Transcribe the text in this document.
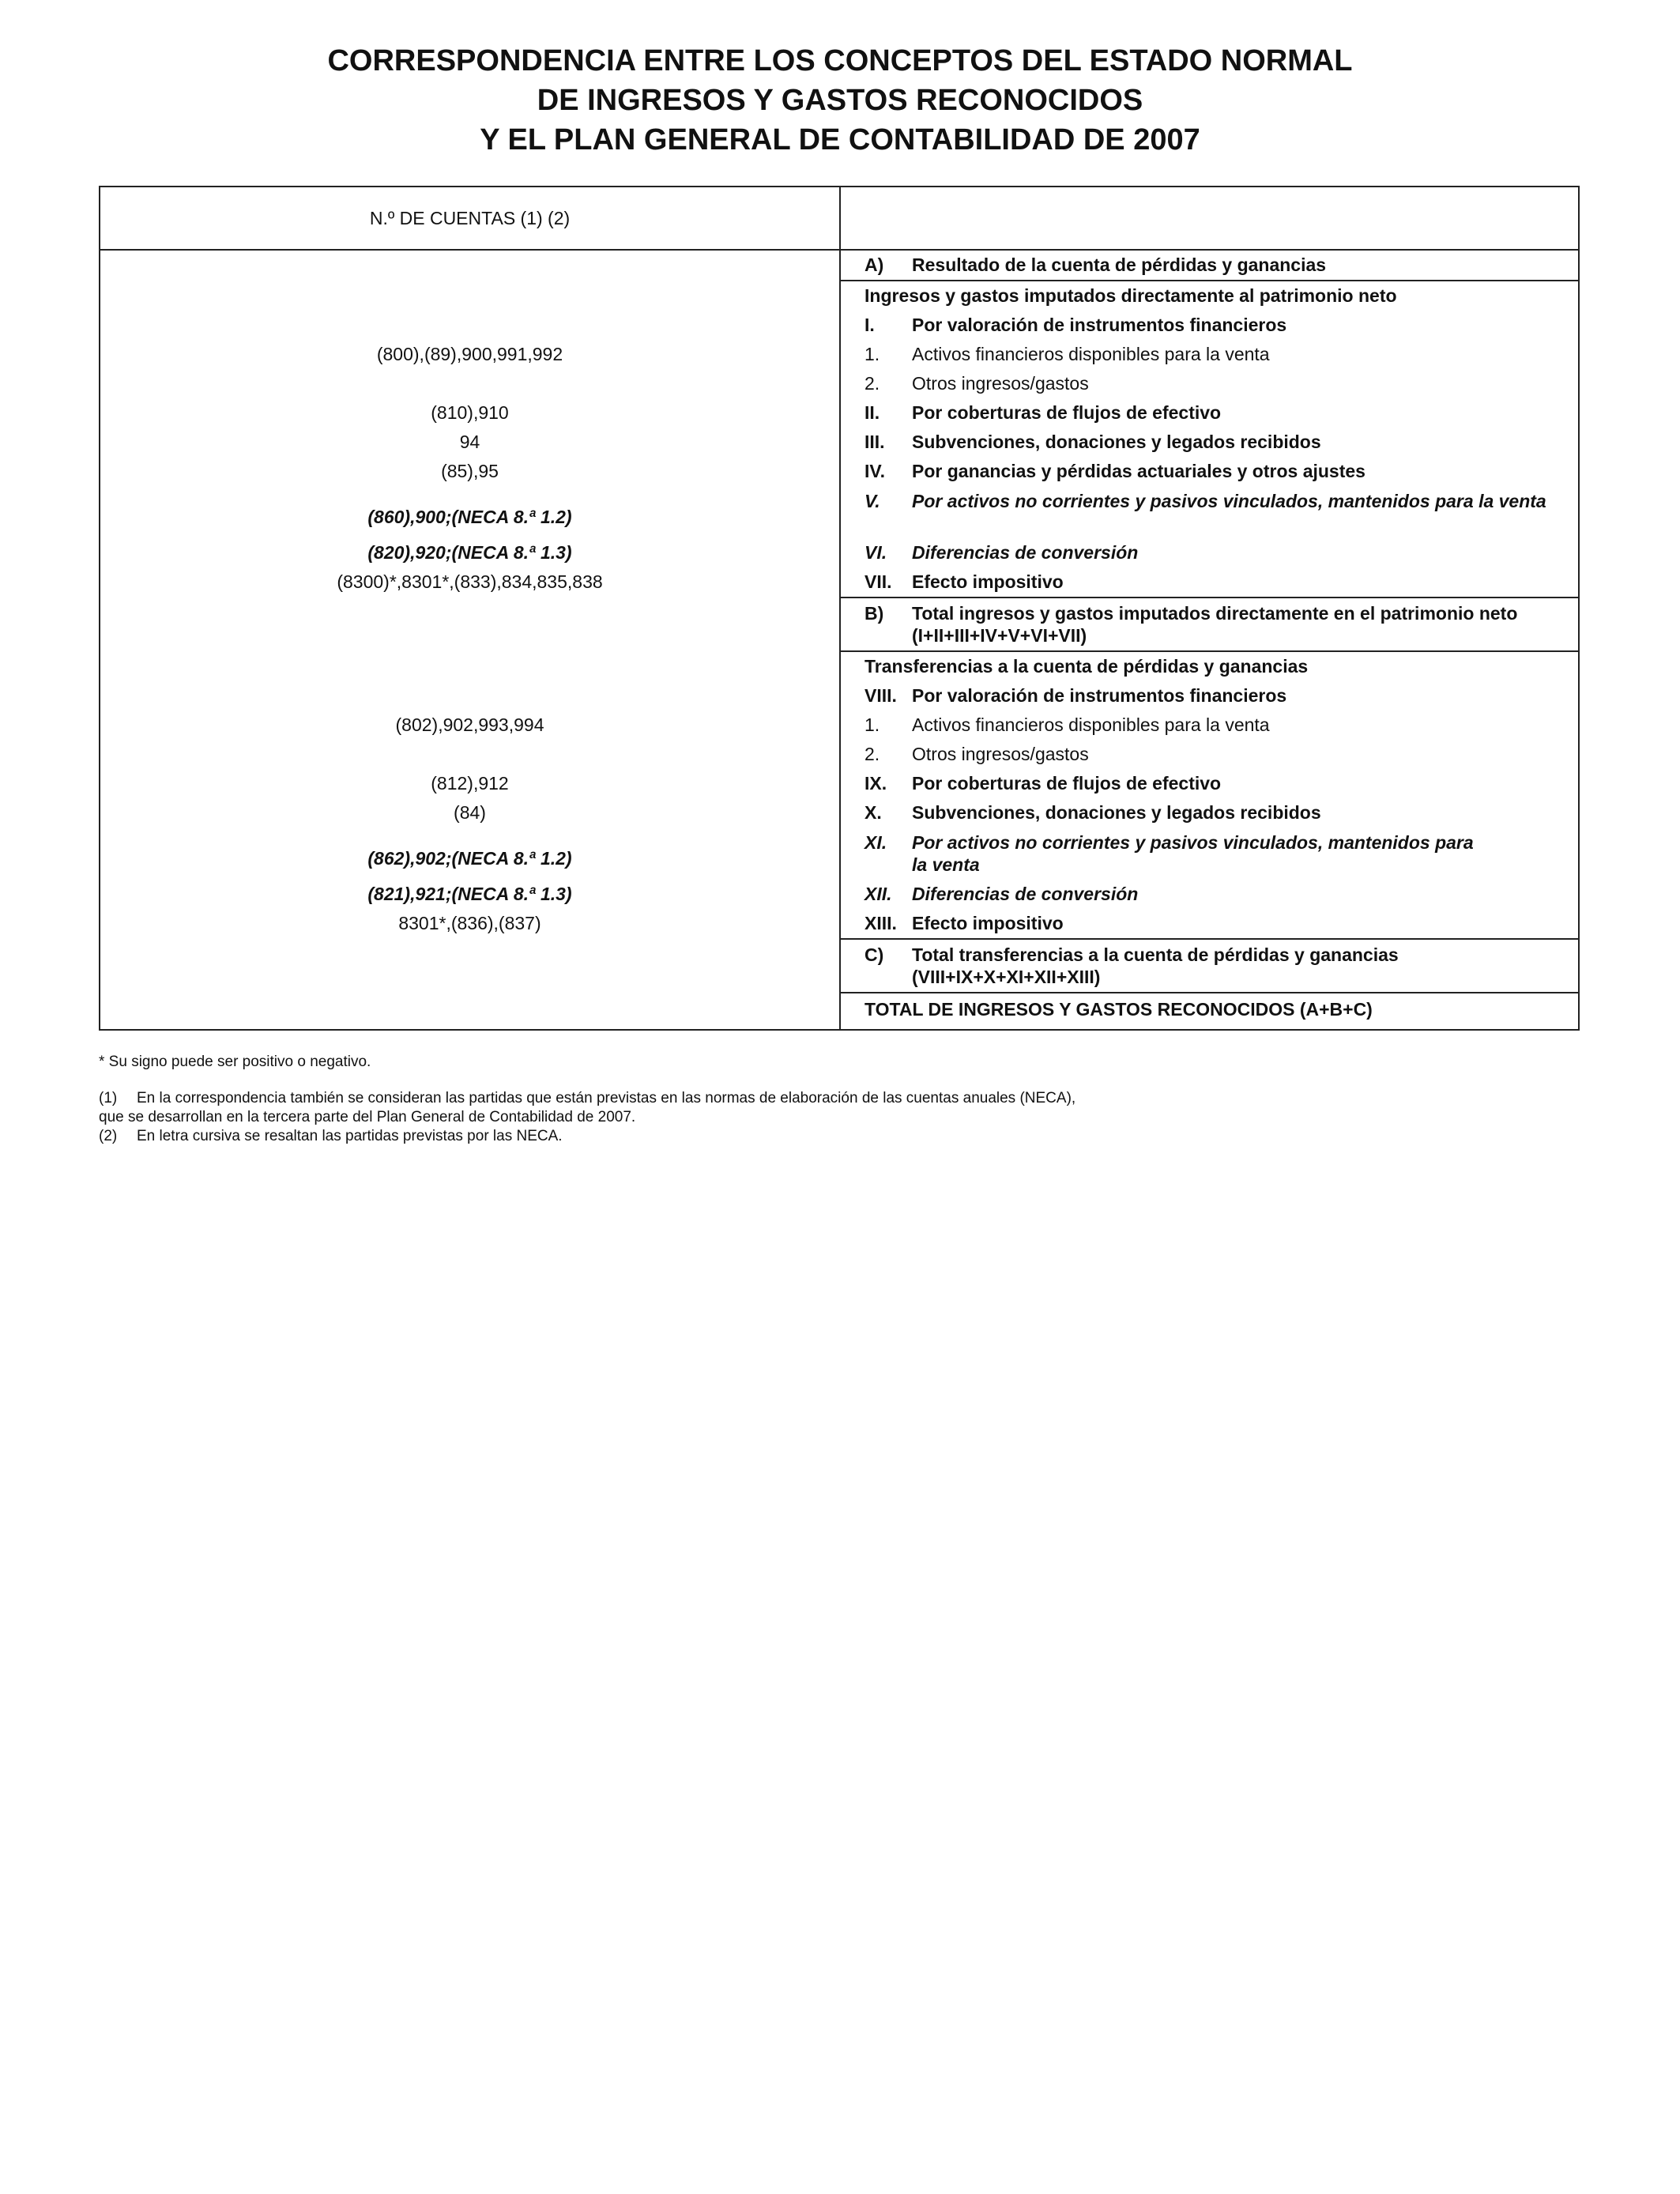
CORRESPONDENCIA ENTRE LOS CONCEPTOS DEL ESTADO NORMAL
DE INGRESOS Y GASTOS RECONOCIDOS
Y EL PLAN GENERAL DE CONTABILIDAD DE 2007
N.º DE CUENTAS (1) (2)	

	A) Resultado de la cuenta de pérdidas y ganancias

	Ingresos y gastos imputados directamente al patrimonio neto

	I. Por valoración de instrumentos financieros

(800),(89),900,991,992	1. Activos financieros disponibles para la venta

	2. Otros ingresos/gastos

(810),910	II. Por coberturas de flujos de efectivo

94	III. Subvenciones, donaciones y legados recibidos

(85),95	IV. Por ganancias y pérdidas actuariales y otros ajustes

(860),900;(NECA 8.ª 1.2)	V. Por activos no corrientes y pasivos vinculados, mantenidos para la venta

(820),920;(NECA 8.ª 1.3)	VI. Diferencias de conversión

(8300)*,8301*,(833),834,835,838	VII. Efecto impositivo

	B) Total ingresos y gastos imputados directamente en el patrimonio neto (I+II+III+IV+V+VI+VII)

	Transferencias a la cuenta de pérdidas y ganancias

	VIII. Por valoración de instrumentos financieros

(802),902,993,994	1. Activos financieros disponibles para la venta

	2. Otros ingresos/gastos

(812),912	IX. Por coberturas de flujos de efectivo

(84)	X. Subvenciones, donaciones y legados recibidos

(862),902;(NECA 8.ª 1.2)	XI. Por activos no corrientes y pasivos vinculados, mantenidos para la venta

(821),921;(NECA 8.ª 1.3)	XII. Diferencias de conversión

8301*,(836),(837)	XIII. Efecto impositivo

	C) Total transferencias a la cuenta de pérdidas y ganancias (VIII+IX+X+XI+XII+XIII)

	TOTAL DE INGRESOS Y GASTOS RECONOCIDOS (A+B+C)
* Su signo puede ser positivo o negativo.
(1)	En la correspondencia también se consideran las partidas que están previstas en las normas de elaboración de las cuentas anuales (NECA),
que se desarrollan en la tercera parte del Plan General de Contabilidad de 2007.
(2)	En letra cursiva se resaltan las partidas previstas por las NECA.
